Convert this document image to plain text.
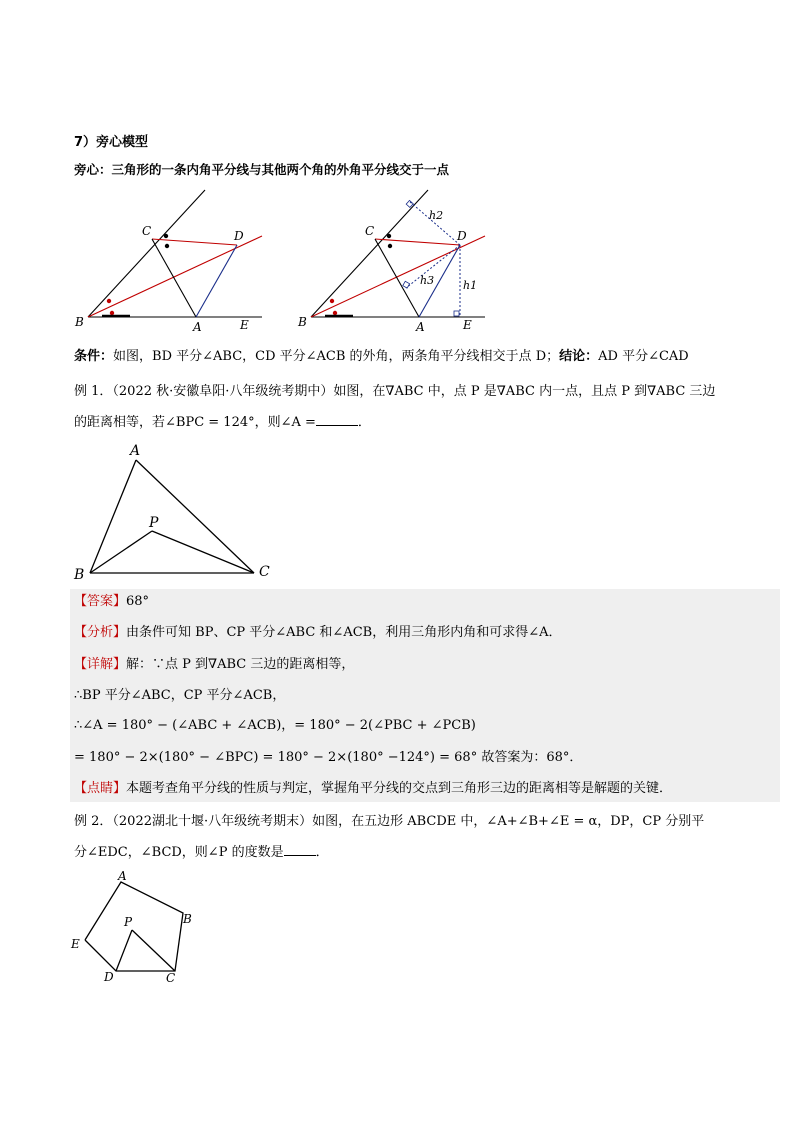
7）旁心模型
旁心：三角形的一条内角平分线与其他两个角的外角平分线交于一点
C	D
B	A	E
C	D
B	A	E
h2
h3	h1
条件：如图，BD 平分∠ABC，CD 平分∠ACB 的外角，两条角平分线相交于点 D；结论：AD 平分∠CAD
例 1．（2022 秋·安徽阜阳·八年级统考期中）如图，在∇ABC 中，点 P 是∇ABC 内一点，且点 P 到∇ABC 三边
的距离相等，若∠BPC = 124°，则∠A =	．
A
P
B	C
【答案】68°
【分析】由条件可知 BP、CP 平分∠ABC 和∠ACB，利用三角形内角和可求得∠A．
【详解】解：∵点 P 到∇ABC 三边的距离相等，
∴BP 平分∠ABC，CP 平分∠ACB，
∴∠A = 180° − (∠ABC + ∠ACB)，= 180° − 2(∠PBC + ∠PCB)
= 180° − 2×(180° − ∠BPC) = 180° − 2×(180° −124°) = 68° 故答案为：68°．
【点睛】本题考查角平分线的性质与判定，掌握角平分线的交点到三角形三边的距离相等是解题的关键．
例 2．（2022湖北十堰·八年级统考期末）如图，在五边形 ABCDE 中，∠A+∠B+∠E = α，DP，CP 分别平
分∠EDC，∠BCD，则∠P 的度数是 ．
A
P	B
E
D	C
